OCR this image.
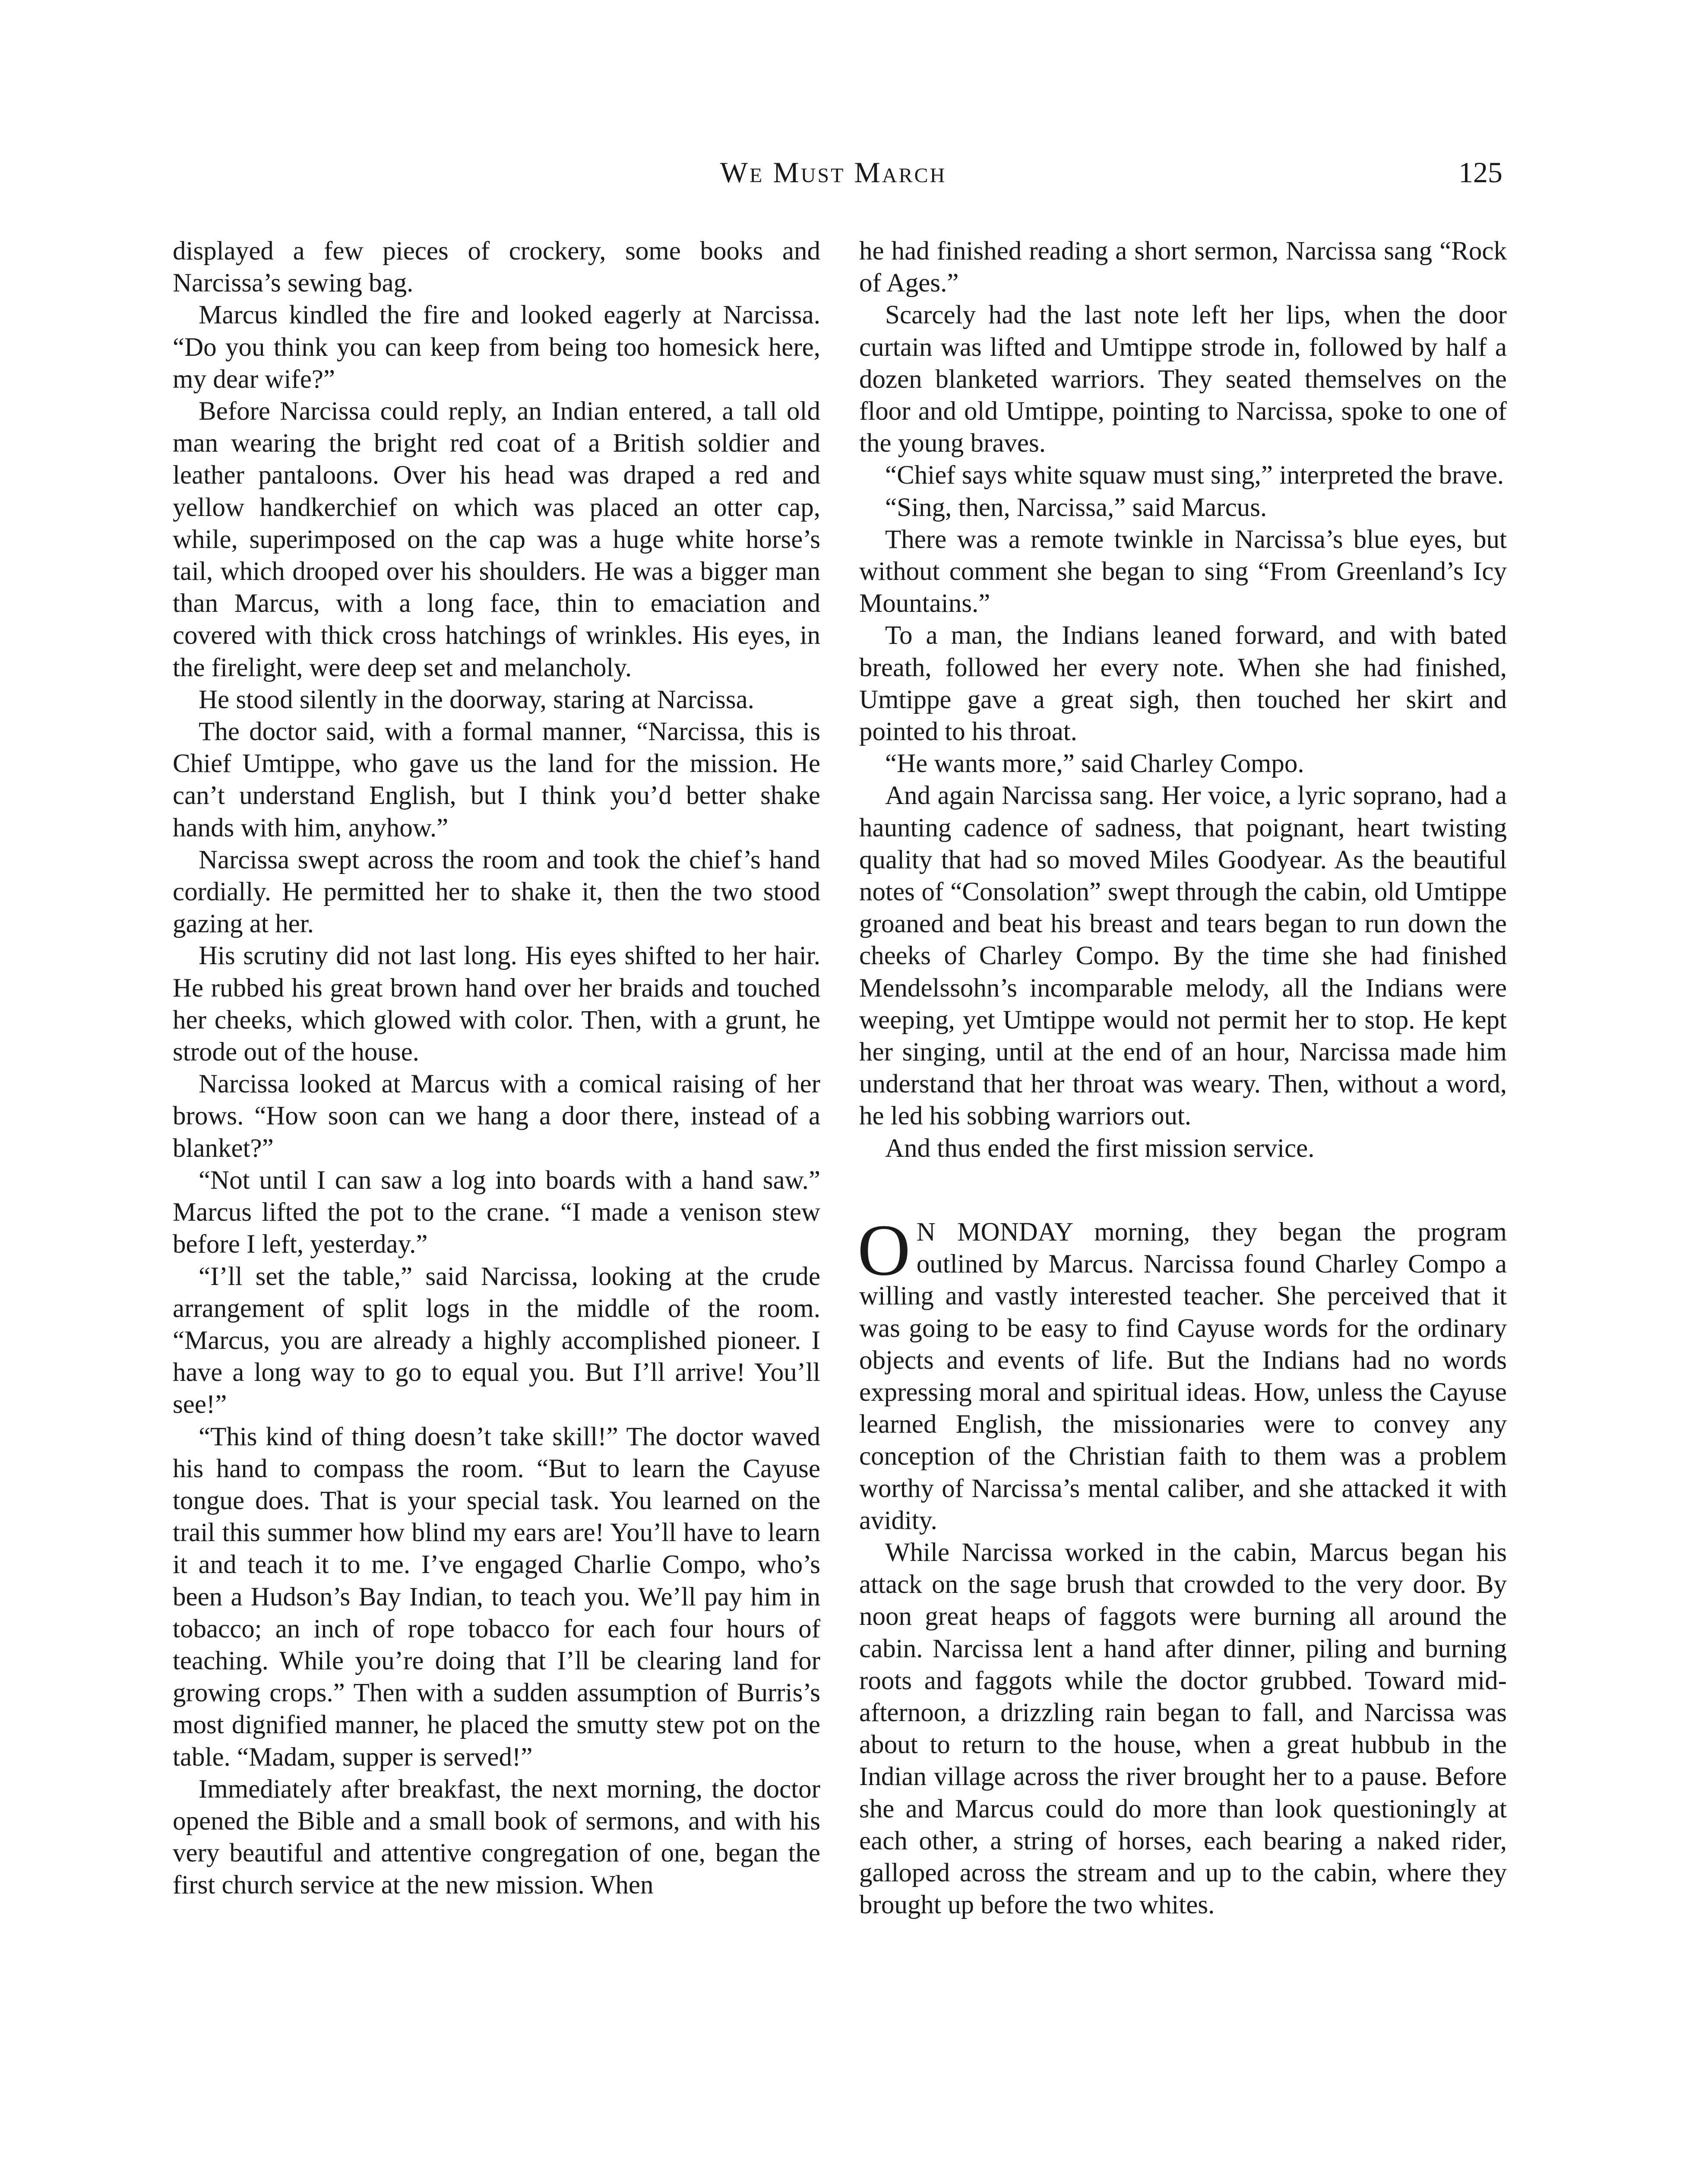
We Must March	125

displayed a few pieces of crockery, some books and Narcissa’s sewing bag.

Marcus kindled the fire and looked eagerly at Narcissa. “Do you think you can keep from being too homesick here, my dear wife?”

Before Narcissa could reply, an Indian entered, a tall old man wearing the bright red coat of a British soldier and leather pantaloons. Over his head was draped a red and yellow handkerchief on which was placed an otter cap, while, superimposed on the cap was a huge white horse’s tail, which drooped over his shoulders. He was a bigger man than Marcus, with a long face, thin to emaciation and covered with thick cross hatchings of wrinkles. His eyes, in the firelight, were deep set and melancholy.

He stood silently in the doorway, staring at Narcissa.

The doctor said, with a formal manner, “Narcissa, this is Chief Umtippe, who gave us the land for the mission. He can’t understand English, but I think you’d better shake hands with him, anyhow.”

Narcissa swept across the room and took the chief’s hand cordially. He permitted her to shake it, then the two stood gazing at her.

His scrutiny did not last long. His eyes shifted to her hair. He rubbed his great brown hand over her braids and touched her cheeks, which glowed with color. Then, with a grunt, he strode out of the house.

Narcissa looked at Marcus with a comical raising of her brows. “How soon can we hang a door there, instead of a blanket?”

“Not until I can saw a log into boards with a hand saw.” Marcus lifted the pot to the crane. “I made a venison stew before I left, yesterday.”

“I’ll set the table,” said Narcissa, looking at the crude arrangement of split logs in the middle of the room. “Marcus, you are already a highly accomplished pioneer. I have a long way to go to equal you. But I’ll arrive! You’ll see!”

“This kind of thing doesn’t take skill!” The doctor waved his hand to compass the room. “But to learn the Cayuse tongue does. That is your special task. You learned on the trail this summer how blind my ears are! You’ll have to learn it and teach it to me. I’ve engaged Charlie Compo, who’s been a Hudson’s Bay Indian, to teach you. We’ll pay him in tobacco; an inch of rope tobacco for each four hours of teaching. While you’re doing that I’ll be clearing land for growing crops.” Then with a sudden assumption of Burris’s most dignified manner, he placed the smutty stew pot on the table. “Madam, supper is served!”

Immediately after breakfast, the next morning, the doctor opened the Bible and a small book of sermons, and with his very beautiful and attentive congregation of one, began the first church service at the new mission. When

he had finished reading a short sermon, Narcissa sang “Rock of Ages.”

Scarcely had the last note left her lips, when the door curtain was lifted and Umtippe strode in, followed by half a dozen blanketed warriors. They seated themselves on the floor and old Umtippe, pointing to Narcissa, spoke to one of the young braves.

“Chief says white squaw must sing,” interpreted the brave.

“Sing, then, Narcissa,” said Marcus.

There was a remote twinkle in Narcissa’s blue eyes, but without comment she began to sing “From Greenland’s Icy Mountains.”

To a man, the Indians leaned forward, and with bated breath, followed her every note. When she had finished, Umtippe gave a great sigh, then touched her skirt and pointed to his throat.

“He wants more,” said Charley Compo.

And again Narcissa sang. Her voice, a lyric soprano, had a haunting cadence of sadness, that poignant, heart twisting quality that had so moved Miles Goodyear. As the beautiful notes of “Consolation” swept through the cabin, old Umtippe groaned and beat his breast and tears began to run down the cheeks of Charley Compo. By the time she had finished Mendelssohn’s incomparable melody, all the Indians were weeping, yet Umtippe would not permit her to stop. He kept her singing, until at the end of an hour, Narcissa made him understand that her throat was weary. Then, without a word, he led his sobbing warriors out.

And thus ended the first mission service.

O N MONDAY morning, they began the program outlined by Marcus. Narcissa found Charley Compo a willing and vastly interested teacher. She perceived that it was going to be easy to find Cayuse words for the ordinary objects and events of life. But the Indians had no words expressing moral and spiritual ideas. How, unless the Cayuse learned English, the missionaries were to convey any conception of the Christian faith to them was a problem worthy of Narcissa’s mental caliber, and she attacked it with avidity.

While Narcissa worked in the cabin, Marcus began his attack on the sage brush that crowded to the very door. By noon great heaps of faggots were burning all around the cabin. Narcissa lent a hand after dinner, piling and burning roots and faggots while the doctor grubbed. Toward mid-afternoon, a drizzling rain began to fall, and Narcissa was about to return to the house, when a great hubbub in the Indian village across the river brought her to a pause. Before she and Marcus could do more than look questioningly at each other, a string of horses, each bearing a naked rider, galloped across the stream and up to the cabin, where they brought up before the two whites.
